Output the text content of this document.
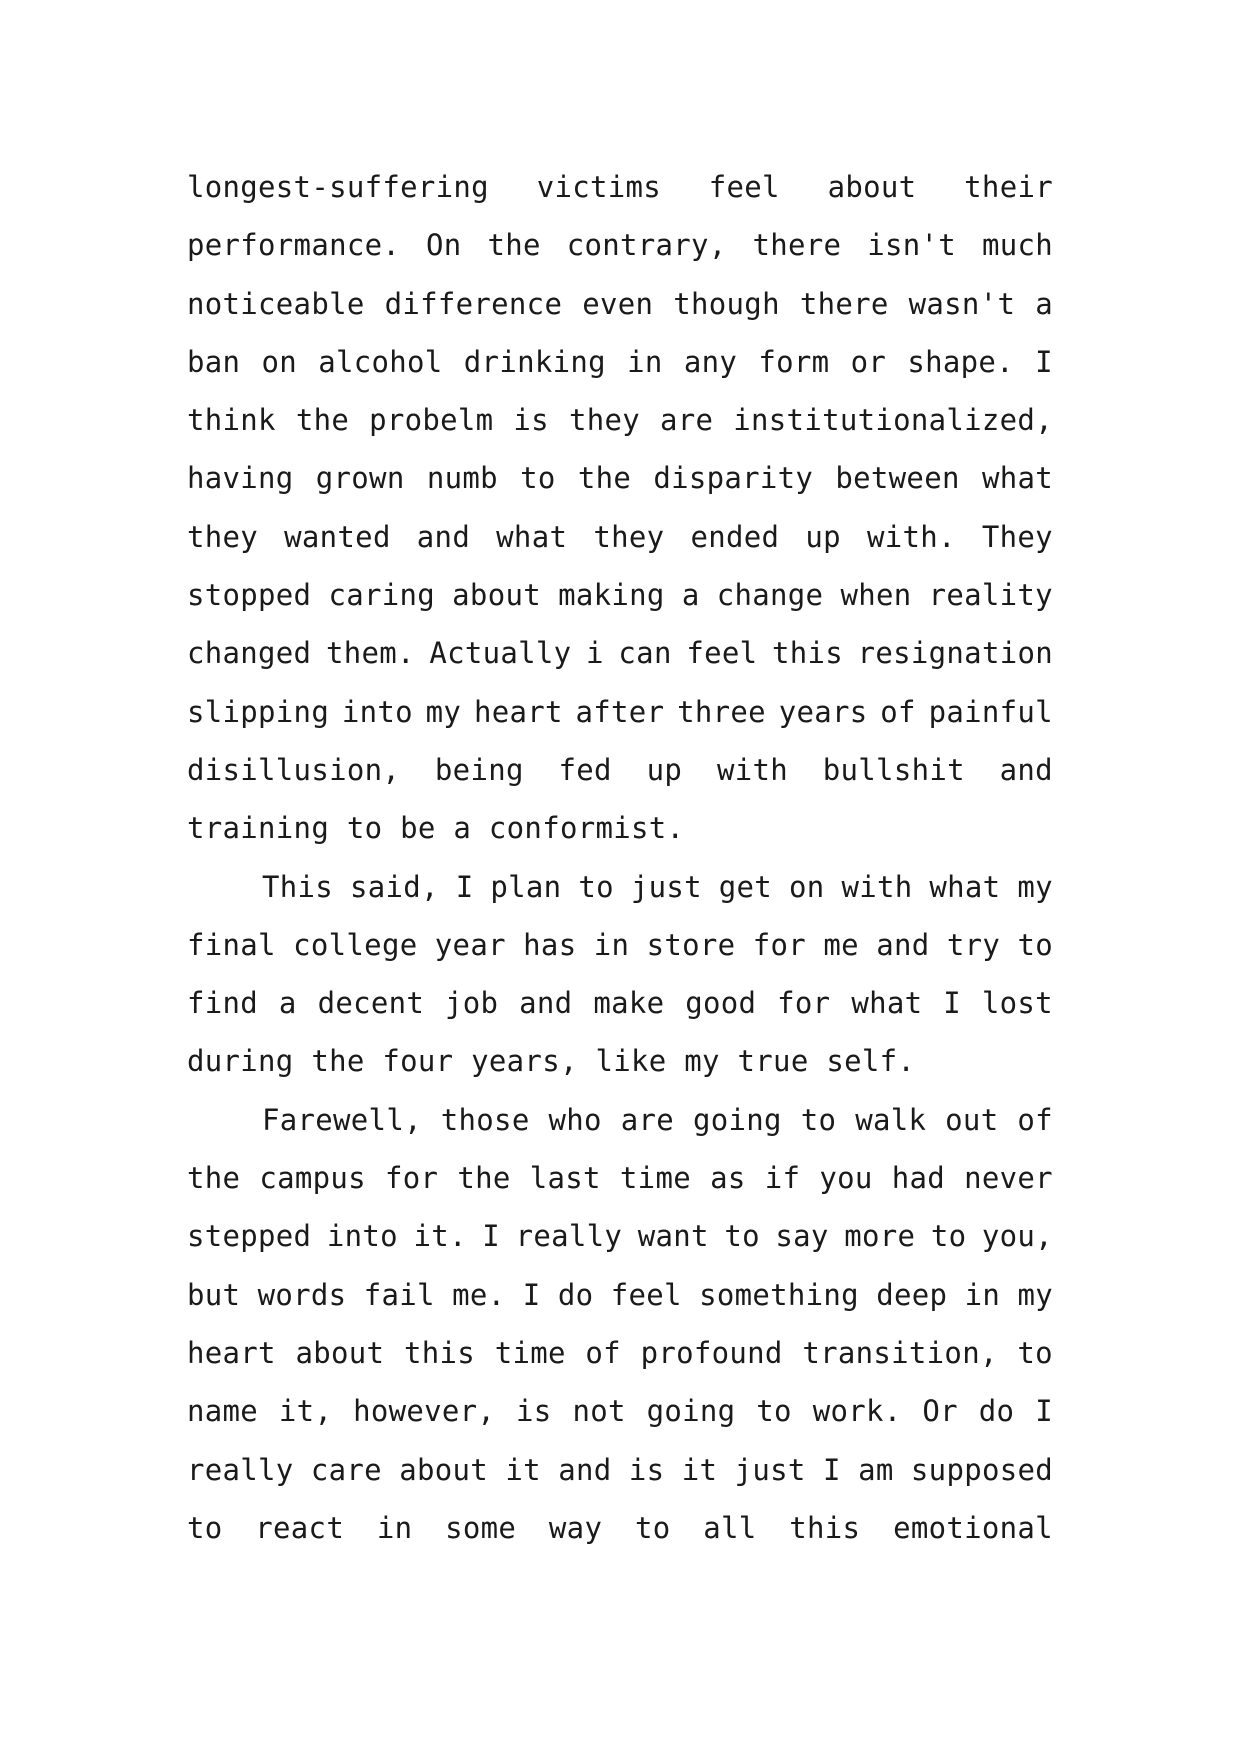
longest-suffering victims feel about their
performance. On the contrary, there isn't much
noticeable difference even though there wasn't a
ban on alcohol drinking in any form or shape. I
think the probelm is they are institutionalized,
having grown numb to the disparity between what
they wanted and what they ended up with. They
stopped caring about making a change when reality
changed them. Actually i can feel this resignation
slipping into my heart after three years of painful
disillusion, being fed up with bullshit and
training to be a conformist.
This said, I plan to just get on with what my
final college year has in store for me and try to
find a decent job and make good for what I lost
during the four years, like my true self.
Farewell, those who are going to walk out of
the campus for the last time as if you had never
stepped into it. I really want to say more to you,
but words fail me. I do feel something deep in my
heart about this time of profound transition, to
name it, however, is not going to work. Or do I
really care about it and is it just I am supposed
to react in some way to all this emotional
